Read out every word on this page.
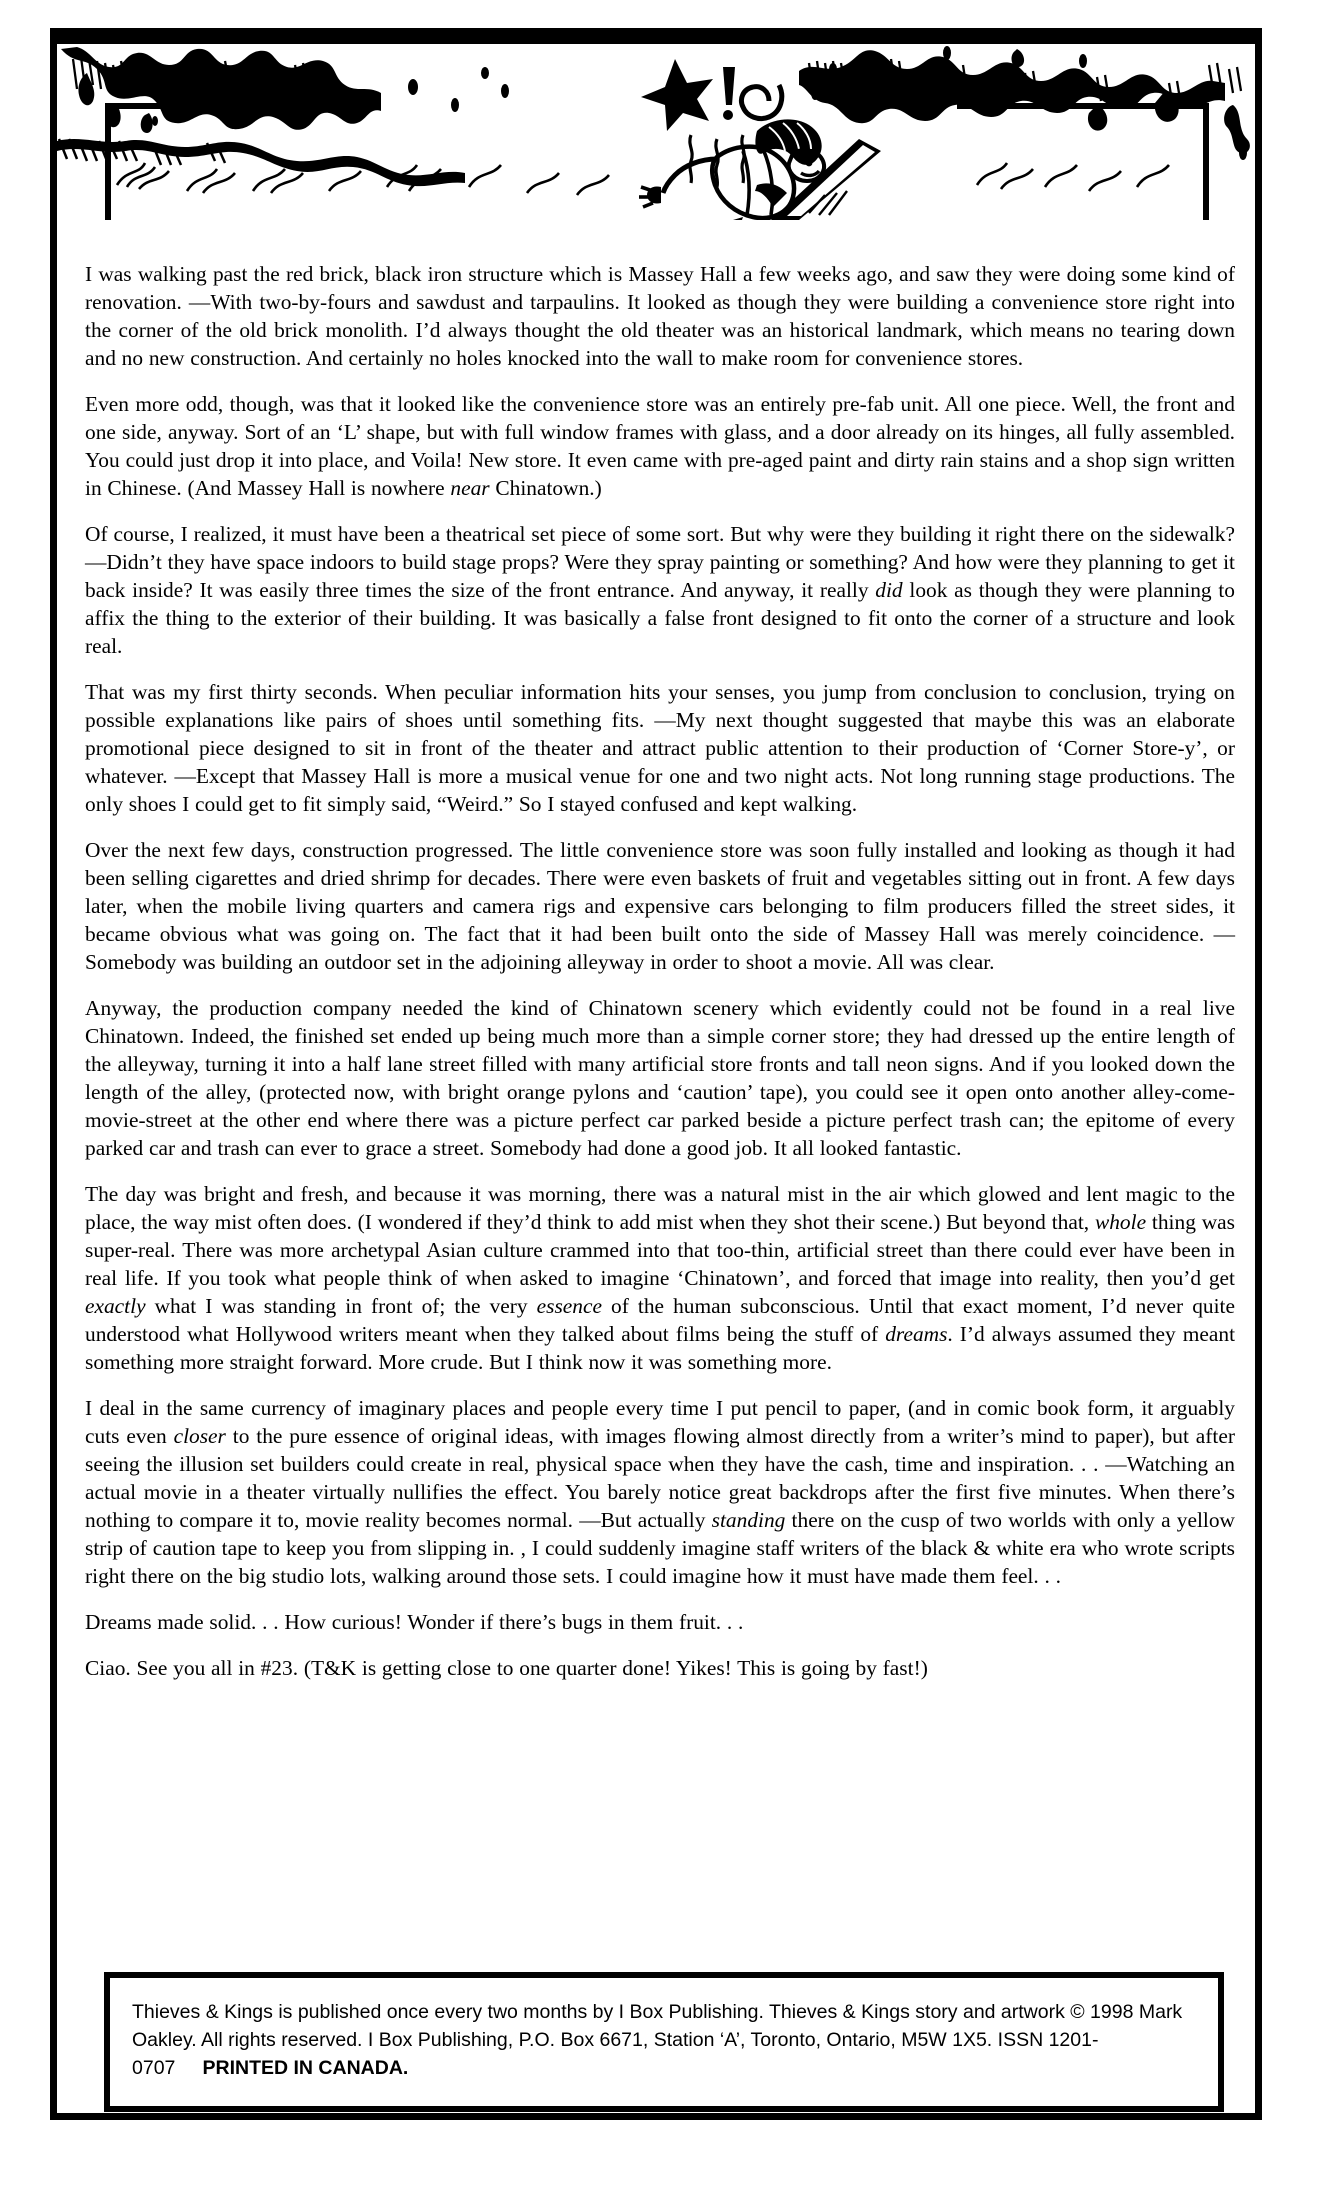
I was walking past the red brick, black iron structure which is Massey Hall a few weeks ago, and saw they were doing some kind of renovation. —With two-by-fours and sawdust and tarpaulins. It looked as though they were building a convenience store right into the corner of the old brick monolith. I’d always thought the old theater was an historical landmark, which means no tearing down and no new construction. And certainly no holes knocked into the wall to make room for convenience stores.

Even more odd, though, was that it looked like the convenience store was an entirely pre-fab unit. All one piece. Well, the front and one side, anyway. Sort of an ‘L’ shape, but with full window frames with glass, and a door already on its hinges, all fully assembled. You could just drop it into place, and Voila! New store. It even came with pre-aged paint and dirty rain stains and a shop sign written in Chinese. (And Massey Hall is nowhere near Chinatown.)

Of course, I realized, it must have been a theatrical set piece of some sort. But why were they building it right there on the sidewalk? —Didn’t they have space indoors to build stage props? Were they spray painting or something? And how were they planning to get it back inside? It was easily three times the size of the front entrance. And anyway, it really did look as though they were planning to affix the thing to the exterior of their building. It was basically a false front designed to fit onto the corner of a structure and look real.

That was my first thirty seconds. When peculiar information hits your senses, you jump from conclusion to conclusion, trying on possible explanations like pairs of shoes until something fits. —My next thought suggested that maybe this was an elaborate promotional piece designed to sit in front of the theater and attract public attention to their production of ‘Corner Store-y’, or whatever. —Except that Massey Hall is more a musical venue for one and two night acts. Not long running stage productions. The only shoes I could get to fit simply said, “Weird.” So I stayed confused and kept walking.

Over the next few days, construction progressed. The little convenience store was soon fully installed and looking as though it had been selling cigarettes and dried shrimp for decades. There were even baskets of fruit and vegetables sitting out in front. A few days later, when the mobile living quarters and camera rigs and expensive cars belonging to film producers filled the street sides, it became obvious what was going on. The fact that it had been built onto the side of Massey Hall was merely coincidence. —Somebody was building an outdoor set in the adjoining alleyway in order to shoot a movie. All was clear.

Anyway, the production company needed the kind of Chinatown scenery which evidently could not be found in a real live Chinatown. Indeed, the finished set ended up being much more than a simple corner store; they had dressed up the entire length of the alleyway, turning it into a half lane street filled with many artificial store fronts and tall neon signs. And if you looked down the length of the alley, (protected now, with bright orange pylons and ‘caution’ tape), you could see it open onto another alley-come-movie-street at the other end where there was a picture perfect car parked beside a picture perfect trash can; the epitome of every parked car and trash can ever to grace a street. Somebody had done a good job. It all looked fantastic.

The day was bright and fresh, and because it was morning, there was a natural mist in the air which glowed and lent magic to the place, the way mist often does. (I wondered if they’d think to add mist when they shot their scene.) But beyond that, whole thing was super-real. There was more archetypal Asian culture crammed into that too-thin, artificial street than there could ever have been in real life. If you took what people think of when asked to imagine ‘Chinatown’, and forced that image into reality, then you’d get exactly what I was standing in front of; the very essence of the human subconscious. Until that exact moment, I’d never quite understood what Hollywood writers meant when they talked about films being the stuff of dreams. I’d always assumed they meant something more straight forward. More crude. But I think now it was something more.

I deal in the same currency of imaginary places and people every time I put pencil to paper, (and in comic book form, it arguably cuts even closer to the pure essence of original ideas, with images flowing almost directly from a writer’s mind to paper), but after seeing the illusion set builders could create in real, physical space when they have the cash, time and inspiration. . . —Watching an actual movie in a theater virtually nullifies the effect. You barely notice great backdrops after the first five minutes. When there’s nothing to compare it to, movie reality becomes normal. —But actually standing there on the cusp of two worlds with only a yellow strip of caution tape to keep you from slipping in. , I could suddenly imagine staff writers of the black & white era who wrote scripts right there on the big studio lots, walking around those sets. I could imagine how it must have made them feel. . .

Dreams made solid. . . How curious! Wonder if there’s bugs in them fruit. . .

Ciao. See you all in #23. (T&K is getting close to one quarter done! Yikes! This is going by fast!)

Thieves & Kings is published once every two months by I Box Publishing. Thieves & Kings story and artwork © 1998 Mark Oakley. All rights reserved. I Box Publishing, P.O. Box 6671, Station ‘A’, Toronto, Ontario, M5W 1X5. ISSN 1201-0707 PRINTED IN CANADA.
